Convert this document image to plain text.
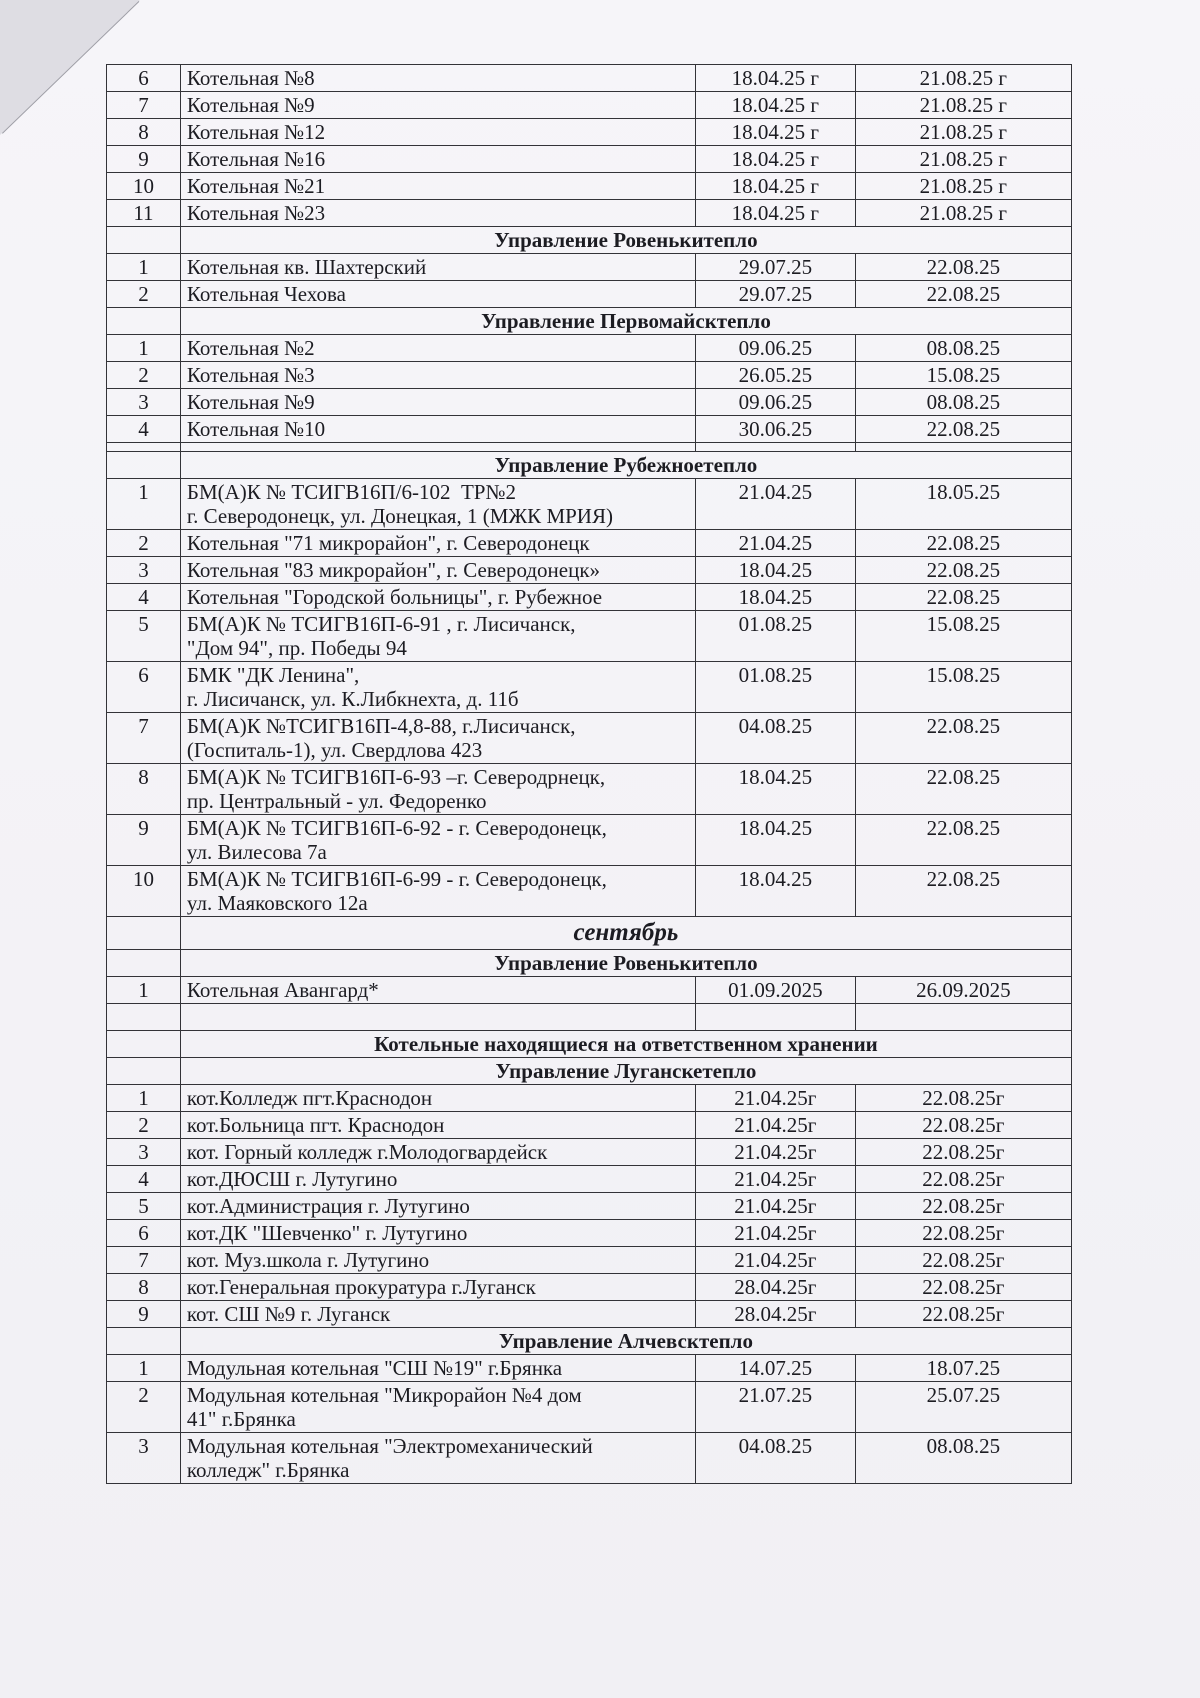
6	Котельная №8	18.04.25 г	21.08.25 г
7	Котельная №9	18.04.25 г	21.08.25 г
8	Котельная №12	18.04.25 г	21.08.25 г
9	Котельная №16	18.04.25 г	21.08.25 г
10	Котельная №21	18.04.25 г	21.08.25 г
11	Котельная №23	18.04.25 г	21.08.25 г
	Управление Ровенькитепло		
1	Котельная кв. Шахтерский	29.07.25	22.08.25
2	Котельная Чехова	29.07.25	22.08.25
	Управление Первомайсктепло		
1	Котельная №2	09.06.25	08.08.25
2	Котельная №3	26.05.25	15.08.25
3	Котельная №9	09.06.25	08.08.25
4	Котельная №10	30.06.25	22.08.25

	Управление Рубежноетепло		
1	БМ(А)К № ТСИГВ16П/6-102  ТР№2
г. Северодонецк, ул. Донецкая, 1 (МЖК МРИЯ)	21.04.25	18.05.25
2	Котельная "71 микрорайон", г. Северодонецк	21.04.25	22.08.25
3	Котельная "83 микрорайон", г. Северодонецк»	18.04.25	22.08.25
4	Котельная "Городской больницы", г. Рубежное	18.04.25	22.08.25
5	БМ(А)К № ТСИГВ16П-6-91 , г. Лисичанск,
"Дом 94", пр. Победы 94	01.08.25	15.08.25
6	БМК "ДК Ленина",
г. Лисичанск, ул. К.Либкнехта, д. 11б	01.08.25	15.08.25
7	БМ(А)К №ТСИГВ16П-4,8-88, г.Лисичанск,
(Госпиталь-1), ул. Свердлова 423	04.08.25	22.08.25
8	БМ(А)К № ТСИГВ16П-6-93 –г. Северодрнецк,
пр. Центральный - ул. Федоренко	18.04.25	22.08.25
9	БМ(А)К № ТСИГВ16П-6-92 - г. Северодонецк,
ул. Вилесова 7а	18.04.25	22.08.25
10	БМ(А)К № ТСИГВ16П-6-99 - г. Северодонецк,
ул. Маяковского 12а	18.04.25	22.08.25
	сентябрь		
	Управление Ровенькитепло		
1	Котельная Авангард*	01.09.2025	26.09.2025

	Котельные находящиеся на ответственном хранении		
	Управление Луганскетепло		
1	кот.Колледж пгт.Краснодон	21.04.25г	22.08.25г
2	кот.Больница пгт. Краснодон	21.04.25г	22.08.25г
3	кот. Горный колледж г.Молодогвардейск	21.04.25г	22.08.25г
4	кот.ДЮСШ г. Лутугино	21.04.25г	22.08.25г
5	кот.Администрация г. Лутугино	21.04.25г	22.08.25г
6	кот.ДК "Шевченко" г. Лутугино	21.04.25г	22.08.25г
7	кот. Муз.школа г. Лутугино	21.04.25г	22.08.25г
8	кот.Генеральная прокуратура г.Луганск	28.04.25г	22.08.25г
9	кот. СШ №9 г. Луганск	28.04.25г	22.08.25г
	Управление Алчевсктепло		
1	Модульная котельная "СШ №19" г.Брянка	14.07.25	18.07.25
2	Модульная котельная "Микрорайон №4 дом
41" г.Брянка	21.07.25	25.07.25
3	Модульная котельная "Электромеханический
колледж" г.Брянка	04.08.25	08.08.25
